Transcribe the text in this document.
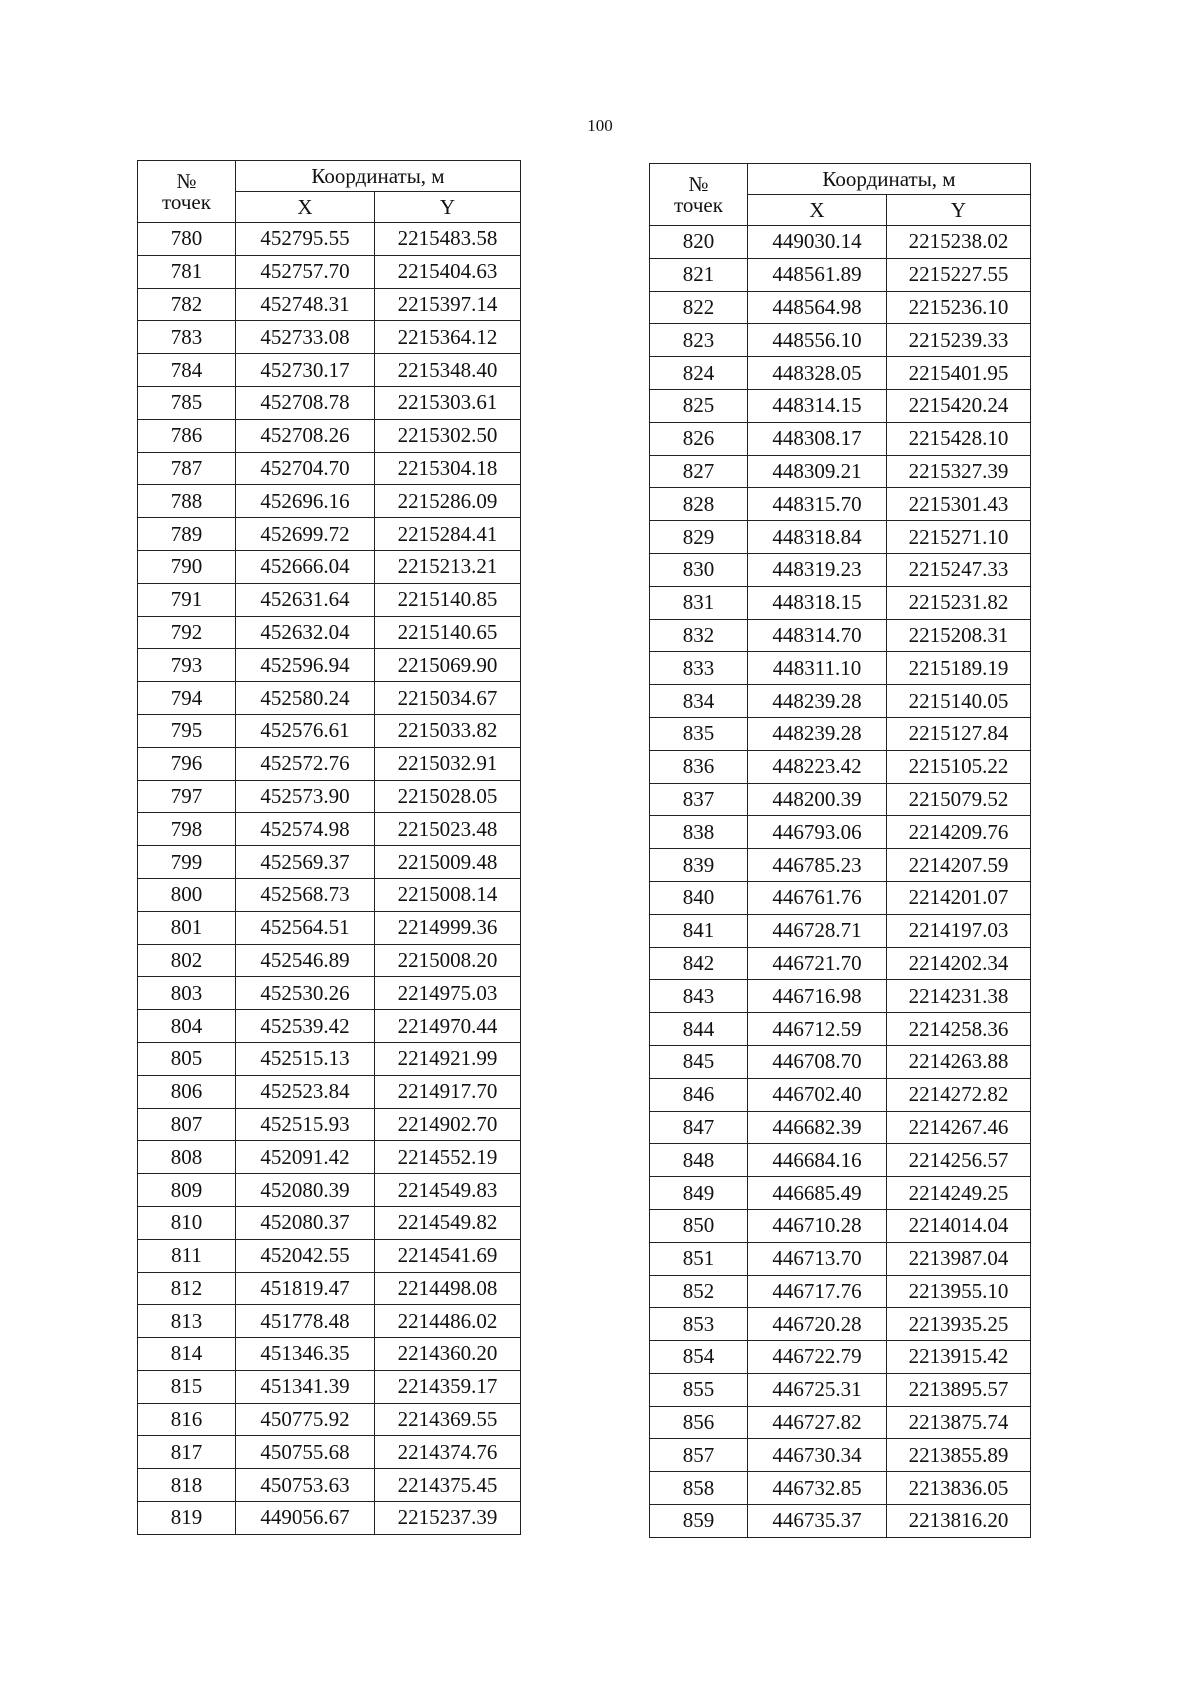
100
№
точек	Координаты, м	
	X	Y
780	452795.55	2215483.58
781	452757.70	2215404.63
782	452748.31	2215397.14
783	452733.08	2215364.12
784	452730.17	2215348.40
785	452708.78	2215303.61
786	452708.26	2215302.50
787	452704.70	2215304.18
788	452696.16	2215286.09
789	452699.72	2215284.41
790	452666.04	2215213.21
791	452631.64	2215140.85
792	452632.04	2215140.65
793	452596.94	2215069.90
794	452580.24	2215034.67
795	452576.61	2215033.82
796	452572.76	2215032.91
797	452573.90	2215028.05
798	452574.98	2215023.48
799	452569.37	2215009.48
800	452568.73	2215008.14
801	452564.51	2214999.36
802	452546.89	2215008.20
803	452530.26	2214975.03
804	452539.42	2214970.44
805	452515.13	2214921.99
806	452523.84	2214917.70
807	452515.93	2214902.70
808	452091.42	2214552.19
809	452080.39	2214549.83
810	452080.37	2214549.82
811	452042.55	2214541.69
812	451819.47	2214498.08
813	451778.48	2214486.02
814	451346.35	2214360.20
815	451341.39	2214359.17
816	450775.92	2214369.55
817	450755.68	2214374.76
818	450753.63	2214375.45
819	449056.67	2215237.39
№
точек	Координаты, м	
	X	Y
820	449030.14	2215238.02
821	448561.89	2215227.55
822	448564.98	2215236.10
823	448556.10	2215239.33
824	448328.05	2215401.95
825	448314.15	2215420.24
826	448308.17	2215428.10
827	448309.21	2215327.39
828	448315.70	2215301.43
829	448318.84	2215271.10
830	448319.23	2215247.33
831	448318.15	2215231.82
832	448314.70	2215208.31
833	448311.10	2215189.19
834	448239.28	2215140.05
835	448239.28	2215127.84
836	448223.42	2215105.22
837	448200.39	2215079.52
838	446793.06	2214209.76
839	446785.23	2214207.59
840	446761.76	2214201.07
841	446728.71	2214197.03
842	446721.70	2214202.34
843	446716.98	2214231.38
844	446712.59	2214258.36
845	446708.70	2214263.88
846	446702.40	2214272.82
847	446682.39	2214267.46
848	446684.16	2214256.57
849	446685.49	2214249.25
850	446710.28	2214014.04
851	446713.70	2213987.04
852	446717.76	2213955.10
853	446720.28	2213935.25
854	446722.79	2213915.42
855	446725.31	2213895.57
856	446727.82	2213875.74
857	446730.34	2213855.89
858	446732.85	2213836.05
859	446735.37	2213816.20
